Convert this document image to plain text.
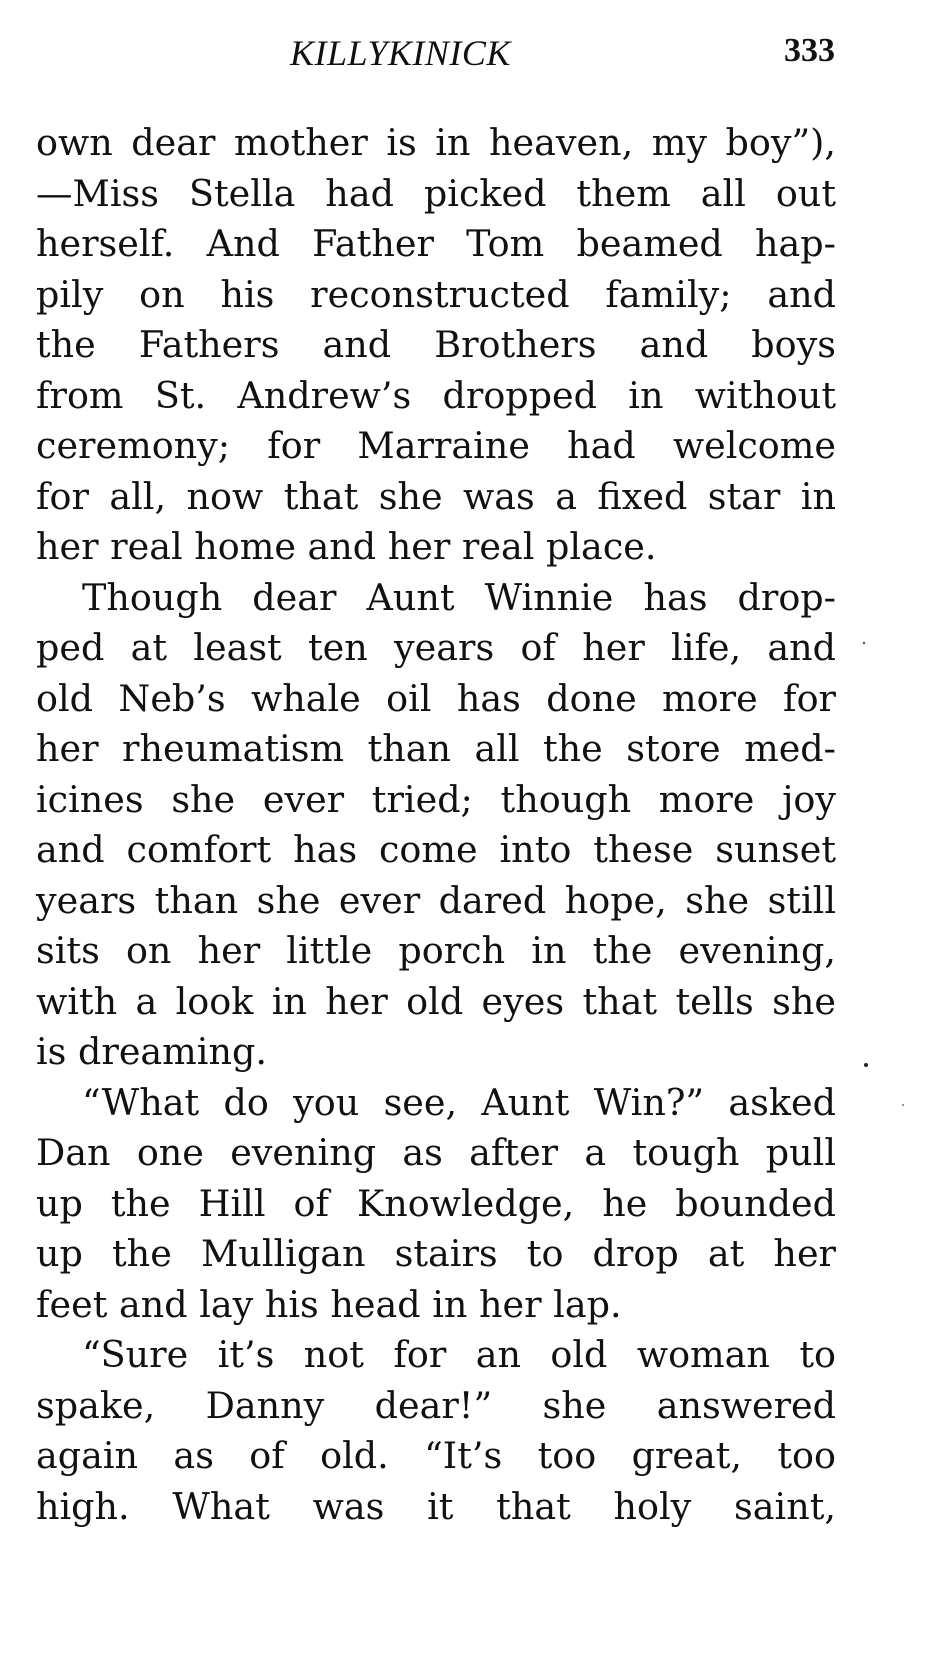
KILLYKINICK	333
own dear mother is in heaven, my boy”),
—Miss Stella had picked them all out
herself. And Father Tom beamed hap-
pily on his reconstructed family; and
the Fathers and Brothers and boys
from St. Andrew’s dropped in without
ceremony; for Marraine had welcome
for all, now that she was a fixed star in
her real home and her real place.
Though dear Aunt Winnie has drop-
ped at least ten years of her life, and
old Neb’s whale oil has done more for
her rheumatism than all the store med-
icines she ever tried; though more joy
and comfort has come into these sunset
years than she ever dared hope, she still
sits on her little porch in the evening,
with a look in her old eyes that tells she
is dreaming.
“What do you see, Aunt Win?” asked
Dan one evening as after a tough pull
up the Hill of Knowledge, he bounded
up the Mulligan stairs to drop at her
feet and lay his head in her lap.
“Sure it’s not for an old woman to
spake, Danny dear!” she answered
again as of old. “It’s too great, too
high. What was it that holy saint,
